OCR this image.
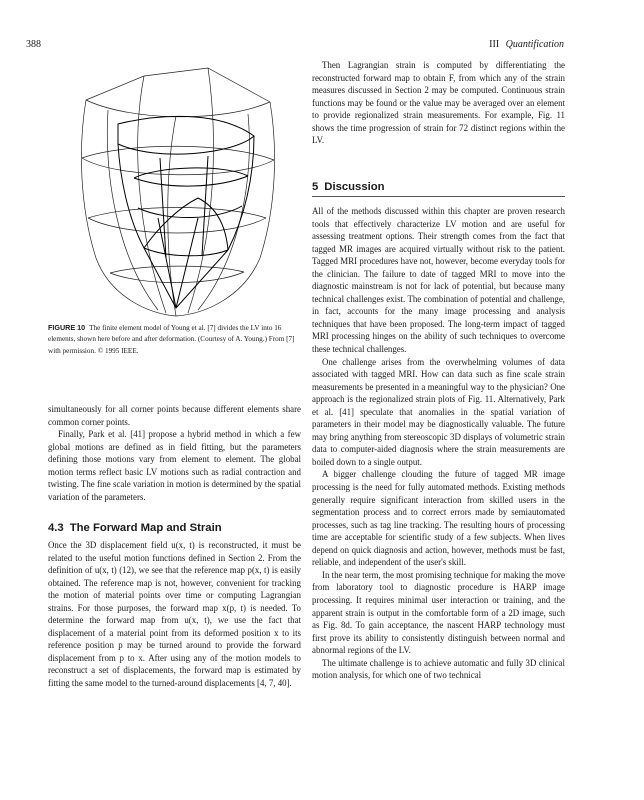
388	III Quantification
FIGURE 10 The finite element model of Young et al. [7] divides the LV into 16 elements, shown here before and after deformation. (Courtesy of A. Young.) From [7] with permission. © 1995 IEEE.

simultaneously for all corner points because different elements share common corner points.

Finally, Park et al. [41] propose a hybrid method in which a few global motions are defined as in field fitting, but the parameters defining those motions vary from element to element. The global motion terms reflect basic LV motions such as radial contraction and twisting. The fine scale variation in motion is determined by the spatial variation of the parameters.

4.3 The Forward Map and Strain

Once the 3D displacement field u(x, t) is reconstructed, it must be related to the useful motion functions defined in Section 2. From the definition of u(x, t) (12), we see that the reference map p(x, t) is easily obtained. The reference map is not, however, convenient for tracking the motion of material points over time or computing Lagrangian strains. For those purposes, the forward map x(p, t) is needed. To determine the forward map from u(x, t), we use the fact that displacement of a material point from its deformed position x to its reference position p may be turned around to provide the forward displacement from p to x. After using any of the motion models to reconstruct a set of displacements, the forward map is estimated by fitting the same model to the turned-around displacements [4, 7, 40].

Then Lagrangian strain is computed by differentiating the reconstructed forward map to obtain F, from which any of the strain measures discussed in Section 2 may be computed. Continuous strain functions may be found or the value may be averaged over an element to provide regionalized strain measurements. For example, Fig. 11 shows the time progression of strain for 72 distinct regions within the LV.

5 Discussion

All of the methods discussed within this chapter are proven research tools that effectively characterize LV motion and are useful for assessing treatment options. Their strength comes from the fact that tagged MR images are acquired virtually without risk to the patient. Tagged MRI procedures have not, however, become everyday tools for the clinician. The failure to date of tagged MRI to move into the diagnostic mainstream is not for lack of potential, but because many technical challenges exist. The combination of potential and challenge, in fact, accounts for the many image processing and analysis techniques that have been proposed. The long-term impact of tagged MRI processing hinges on the ability of such techniques to overcome these technical challenges.

One challenge arises from the overwhelming volumes of data associated with tagged MRI. How can data such as fine scale strain measurements be presented in a meaningful way to the physician? One approach is the regionalized strain plots of Fig. 11. Alternatively, Park et al. [41] speculate that anomalies in the spatial variation of parameters in their model may be diagnostically valuable. The future may bring anything from stereoscopic 3D displays of volumetric strain data to computer-aided diagnosis where the strain measurements are boiled down to a single output.

A bigger challenge clouding the future of tagged MR image processing is the need for fully automated methods. Existing methods generally require significant interaction from skilled users in the segmentation process and to correct errors made by semiautomated processes, such as tag line tracking. The resulting hours of processing time are acceptable for scientific study of a few subjects. When lives depend on quick diagnosis and action, however, methods must be fast, reliable, and independent of the user's skill.

In the near term, the most promising technique for making the move from laboratory tool to diagnostic procedure is HARP image processing. It requires minimal user interaction or training, and the apparent strain is output in the comfortable form of a 2D image, such as Fig. 8d. To gain acceptance, the nascent HARP technology must first prove its ability to consistently distinguish between normal and abnormal regions of the LV.

The ultimate challenge is to achieve automatic and fully 3D clinical motion analysis, for which one of two technical
